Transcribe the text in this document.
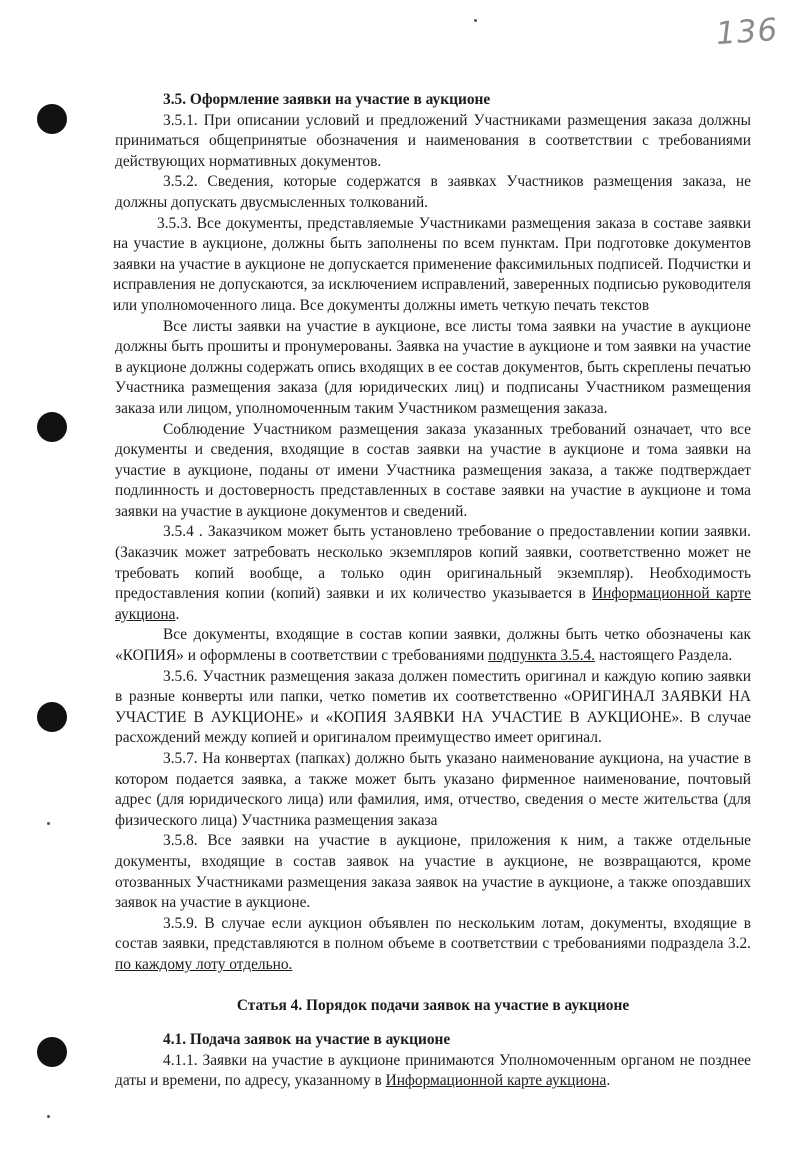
136

3.5. Оформление заявки на участие в аукционе

3.5.1. При описании условий и предложений Участниками размещения заказа должны приниматься общепринятые обозначения и наименования в соответствии с требованиями действующих нормативных документов.

3.5.2. Сведения, которые содержатся в заявках Участников размещения заказа, не должны допускать двусмысленных толкований.

3.5.3. Все документы, представляемые Участниками размещения заказа в составе заявки на участие в аукционе, должны быть заполнены по всем пунктам. При подготовке документов заявки на участие в аукционе не допускается применение факсимильных подписей. Подчистки и исправления не допускаются, за исключением исправлений, заверенных подписью руководителя или уполномоченного лица. Все документы должны иметь четкую печать текстов

Все листы заявки на участие в аукционе, все листы тома заявки на участие в аукционе должны быть прошиты и пронумерованы. Заявка на участие в аукционе и том заявки на участие в аукционе должны содержать опись входящих в ее состав документов, быть скреплены печатью Участника размещения заказа (для юридических лиц) и подписаны Участником размещения заказа или лицом, уполномоченным таким Участником размещения заказа.

Соблюдение Участником размещения заказа указанных требований означает, что все документы и сведения, входящие в состав заявки на участие в аукционе и тома заявки на участие в аукционе, поданы от имени Участника размещения заказа, а также подтверждает подлинность и достоверность представленных в составе заявки на участие в аукционе и тома заявки на участие в аукционе документов и сведений.

3.5.4 . Заказчиком может быть установлено требование о предоставлении копии заявки. (Заказчик может затребовать несколько экземпляров копий заявки, соответственно может не требовать копий вообще, а только один оригинальный экземпляр). Необходимость предоставления копии (копий) заявки и их количество указывается в Информационной карте аукциона.

Все документы, входящие в состав копии заявки, должны быть четко обозначены как «КОПИЯ» и оформлены в соответствии с требованиями подпункта 3.5.4. настоящего Раздела.

3.5.6. Участник размещения заказа должен поместить оригинал и каждую копию заявки в разные конверты или папки, четко пометив их соответственно «ОРИГИНАЛ ЗАЯВКИ НА УЧАСТИЕ В АУКЦИОНЕ» и «КОПИЯ ЗАЯВКИ НА УЧАСТИЕ В АУКЦИОНЕ». В случае расхождений между копией и оригиналом преимущество имеет оригинал.

3.5.7. На конвертах (папках) должно быть указано наименование аукциона, на участие в котором подается заявка, а также может быть указано фирменное наименование, почтовый адрес (для юридического лица) или фамилия, имя, отчество, сведения о месте жительства (для физического лица) Участника размещения заказа

3.5.8. Все заявки на участие в аукционе, приложения к ним, а также отдельные документы, входящие в состав заявок на участие в аукционе, не возвращаются, кроме отозванных Участниками размещения заказа заявок на участие в аукционе, а также опоздавших заявок на участие в аукционе.

3.5.9. В случае если аукцион объявлен по нескольким лотам, документы, входящие в состав заявки, представляются в полном объеме в соответствии с требованиями подраздела 3.2. по каждому лоту отдельно.

Статья 4. Порядок подачи заявок на участие в аукционе

4.1. Подача заявок на участие в аукционе

4.1.1. Заявки на участие в аукционе принимаются Уполномоченным органом не позднее даты и времени, по адресу, указанному в Информационной карте аукциона.
